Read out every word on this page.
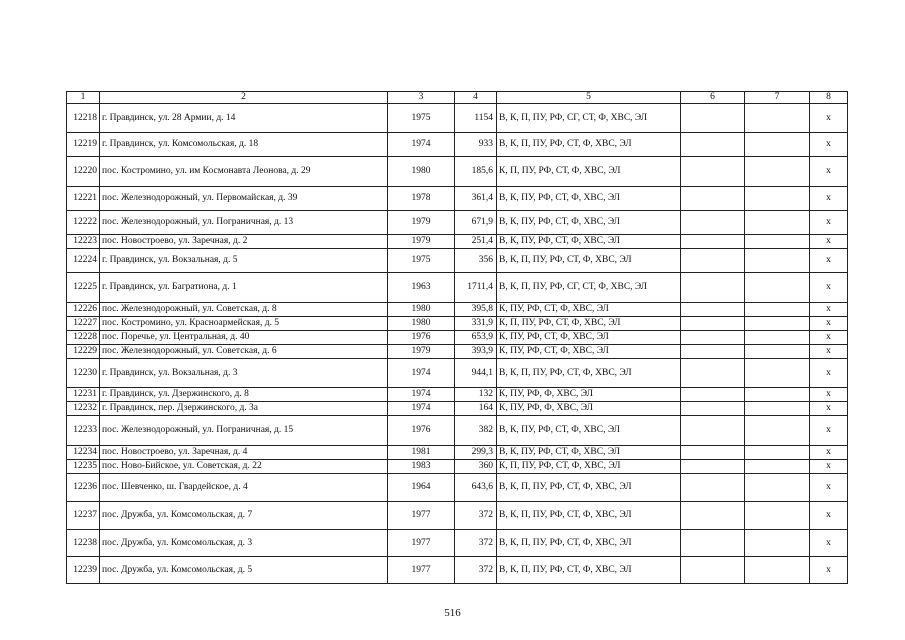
1	2	3	4	5	6	7	8
12218	г. Правдинск, ул. 28 Армии, д. 14	1975	1154	В, К, П, ПУ, РФ, СГ, СТ, Ф, ХВС, ЭЛ			х
12219	г. Правдинск, ул. Комсомольская, д. 18	1974	933	В, К, П, ПУ, РФ, СТ, Ф, ХВС, ЭЛ			х
12220	пос. Костромино, ул. им Космонавта Леонова, д. 29	1980	185,6	К, П, ПУ, РФ, СТ, Ф, ХВС, ЭЛ			х
12221	пос. Железнодорожный, ул. Первомайская, д. 39	1978	361,4	В, К, ПУ, РФ, СТ, Ф, ХВС, ЭЛ			х
12222	пос. Железнодорожный, ул. Пограничная, д. 13	1979	671,9	В, К, ПУ, РФ, СТ, Ф, ХВС, ЭЛ			х
12223	пос. Новостроево, ул. Заречная, д. 2	1979	251,4	В, К, ПУ, РФ, СТ, Ф, ХВС, ЭЛ			х
12224	г. Правдинск, ул. Вокзальная, д. 5	1975	356	В, К, П, ПУ, РФ, СТ, Ф, ХВС, ЭЛ			х
12225	г. Правдинск, ул. Багратиона, д. 1	1963	1711,4	В, К, П, ПУ, РФ, СГ, СТ, Ф, ХВС, ЭЛ			х
12226	пос. Железнодорожный, ул. Советская, д. 8	1980	395,8	К, ПУ, РФ, СТ, Ф, ХВС, ЭЛ			х
12227	пос. Костромино, ул. Красноармейская, д. 5	1980	331,9	К, П, ПУ, РФ, СТ, Ф, ХВС, ЭЛ			х
12228	пос. Поречье, ул. Центральная, д. 40	1976	653,9	К, ПУ, РФ, СТ, Ф, ХВС, ЭЛ			х
12229	пос. Железнодорожный, ул. Советская, д. 6	1979	393,9	К, ПУ, РФ, СТ, Ф, ХВС, ЭЛ			х
12230	г. Правдинск, ул. Вокзальная, д. 3	1974	944,1	В, К, П, ПУ, РФ, СТ, Ф, ХВС, ЭЛ			х
12231	г. Правдинск, ул. Дзержинского, д. 8	1974	132	К, ПУ, РФ, Ф, ХВС, ЭЛ			х
12232	г. Правдинск, пер. Дзержинского, д. 3а	1974	164	К, ПУ, РФ, Ф, ХВС, ЭЛ			х
12233	пос. Железнодорожный, ул. Пограничная, д. 15	1976	382	В, К, ПУ, РФ, СТ, Ф, ХВС, ЭЛ			х
12234	пос. Новостроево, ул. Заречная, д. 4	1981	299,3	В, К, ПУ, РФ, СТ, Ф, ХВС, ЭЛ			х
12235	пос. Ново-Бийское, ул. Советская, д. 22	1983	360	К, П, ПУ, РФ, СТ, Ф, ХВС, ЭЛ			х
12236	пос. Шевченко, ш. Гвардейское, д. 4	1964	643,6	В, К, П, ПУ, РФ, СТ, Ф, ХВС, ЭЛ			х
12237	пос. Дружба, ул. Комсомольская, д. 7	1977	372	В, К, П, ПУ, РФ, СТ, Ф, ХВС, ЭЛ			х
12238	пос. Дружба, ул. Комсомольская, д. 3	1977	372	В, К, П, ПУ, РФ, СТ, Ф, ХВС, ЭЛ			х
12239	пос. Дружба, ул. Комсомольская, д. 5	1977	372	В, К, П, ПУ, РФ, СТ, Ф, ХВС, ЭЛ			х
516
